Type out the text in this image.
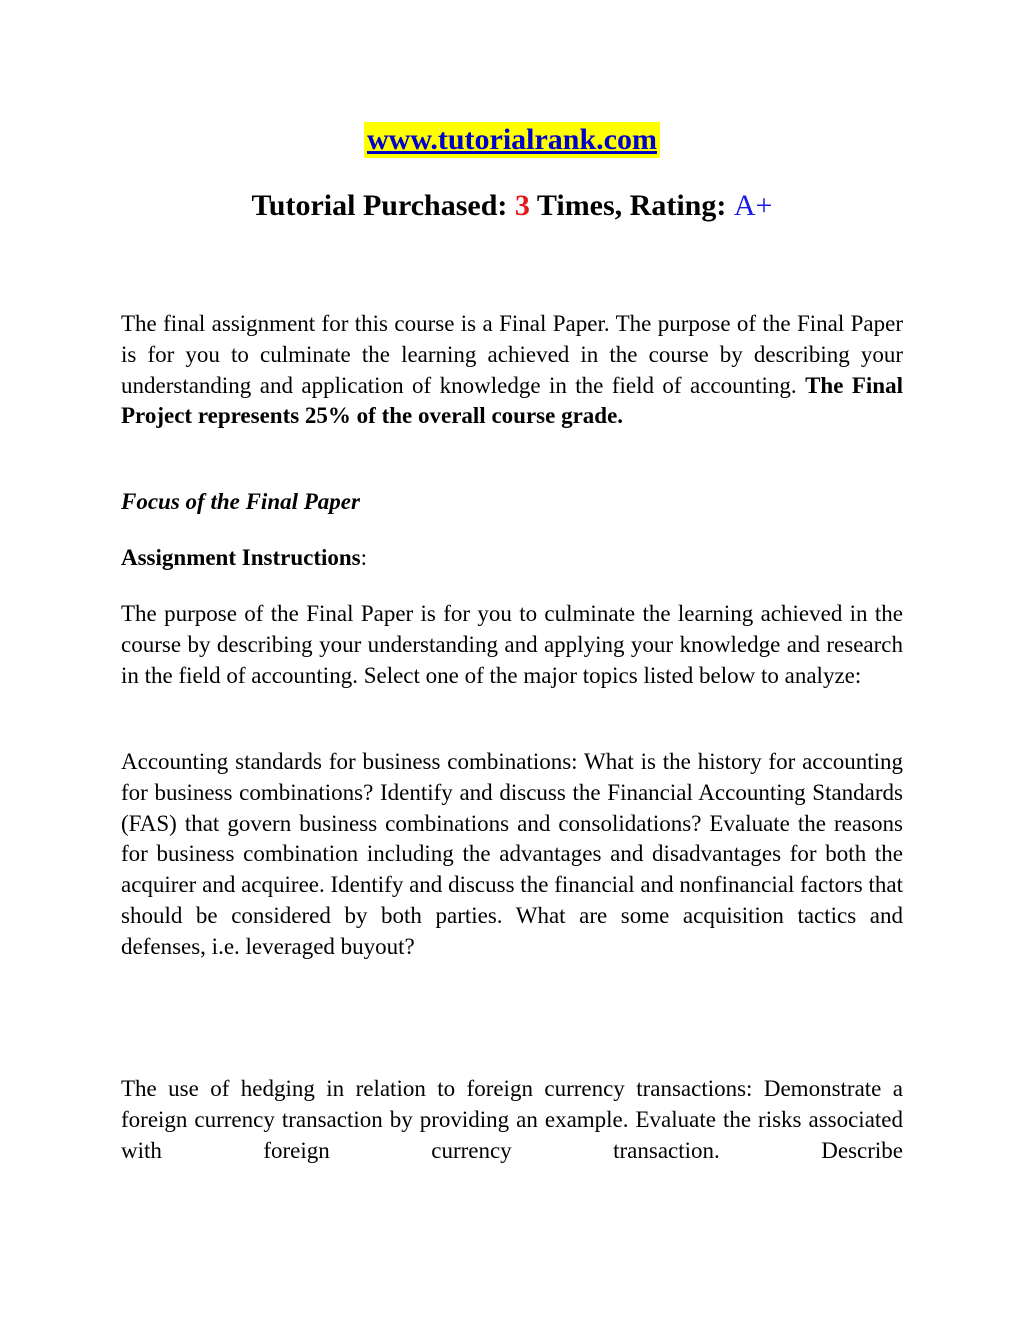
www.tutorialrank.com
Tutorial Purchased: 3 Times, Rating: A+

The final assignment for this course is a Final Paper. The purpose of the Final Paper is for you to culminate the learning achieved in the course by describing your understanding and application of knowledge in the field of accounting. The Final Project represents 25% of the overall course grade.

Focus of the Final Paper

Assignment Instructions:

The purpose of the Final Paper is for you to culminate the learning achieved in the course by describing your understanding and applying your knowledge and research in the field of accounting. Select one of the major topics listed below to analyze:

Accounting standards for business combinations: What is the history for accounting for business combinations? Identify and discuss the Financial Accounting Standards (FAS) that govern business combinations and consolidations? Evaluate the reasons for business combination including the advantages and disadvantages for both the acquirer and acquiree. Identify and discuss the financial and nonfinancial factors that should be considered by both parties. What are some acquisition tactics and defenses, i.e. leveraged buyout?

The use of hedging in relation to foreign currency transactions: Demonstrate a foreign currency transaction by providing an example. Evaluate the risks associated with foreign currency transaction. Describe
